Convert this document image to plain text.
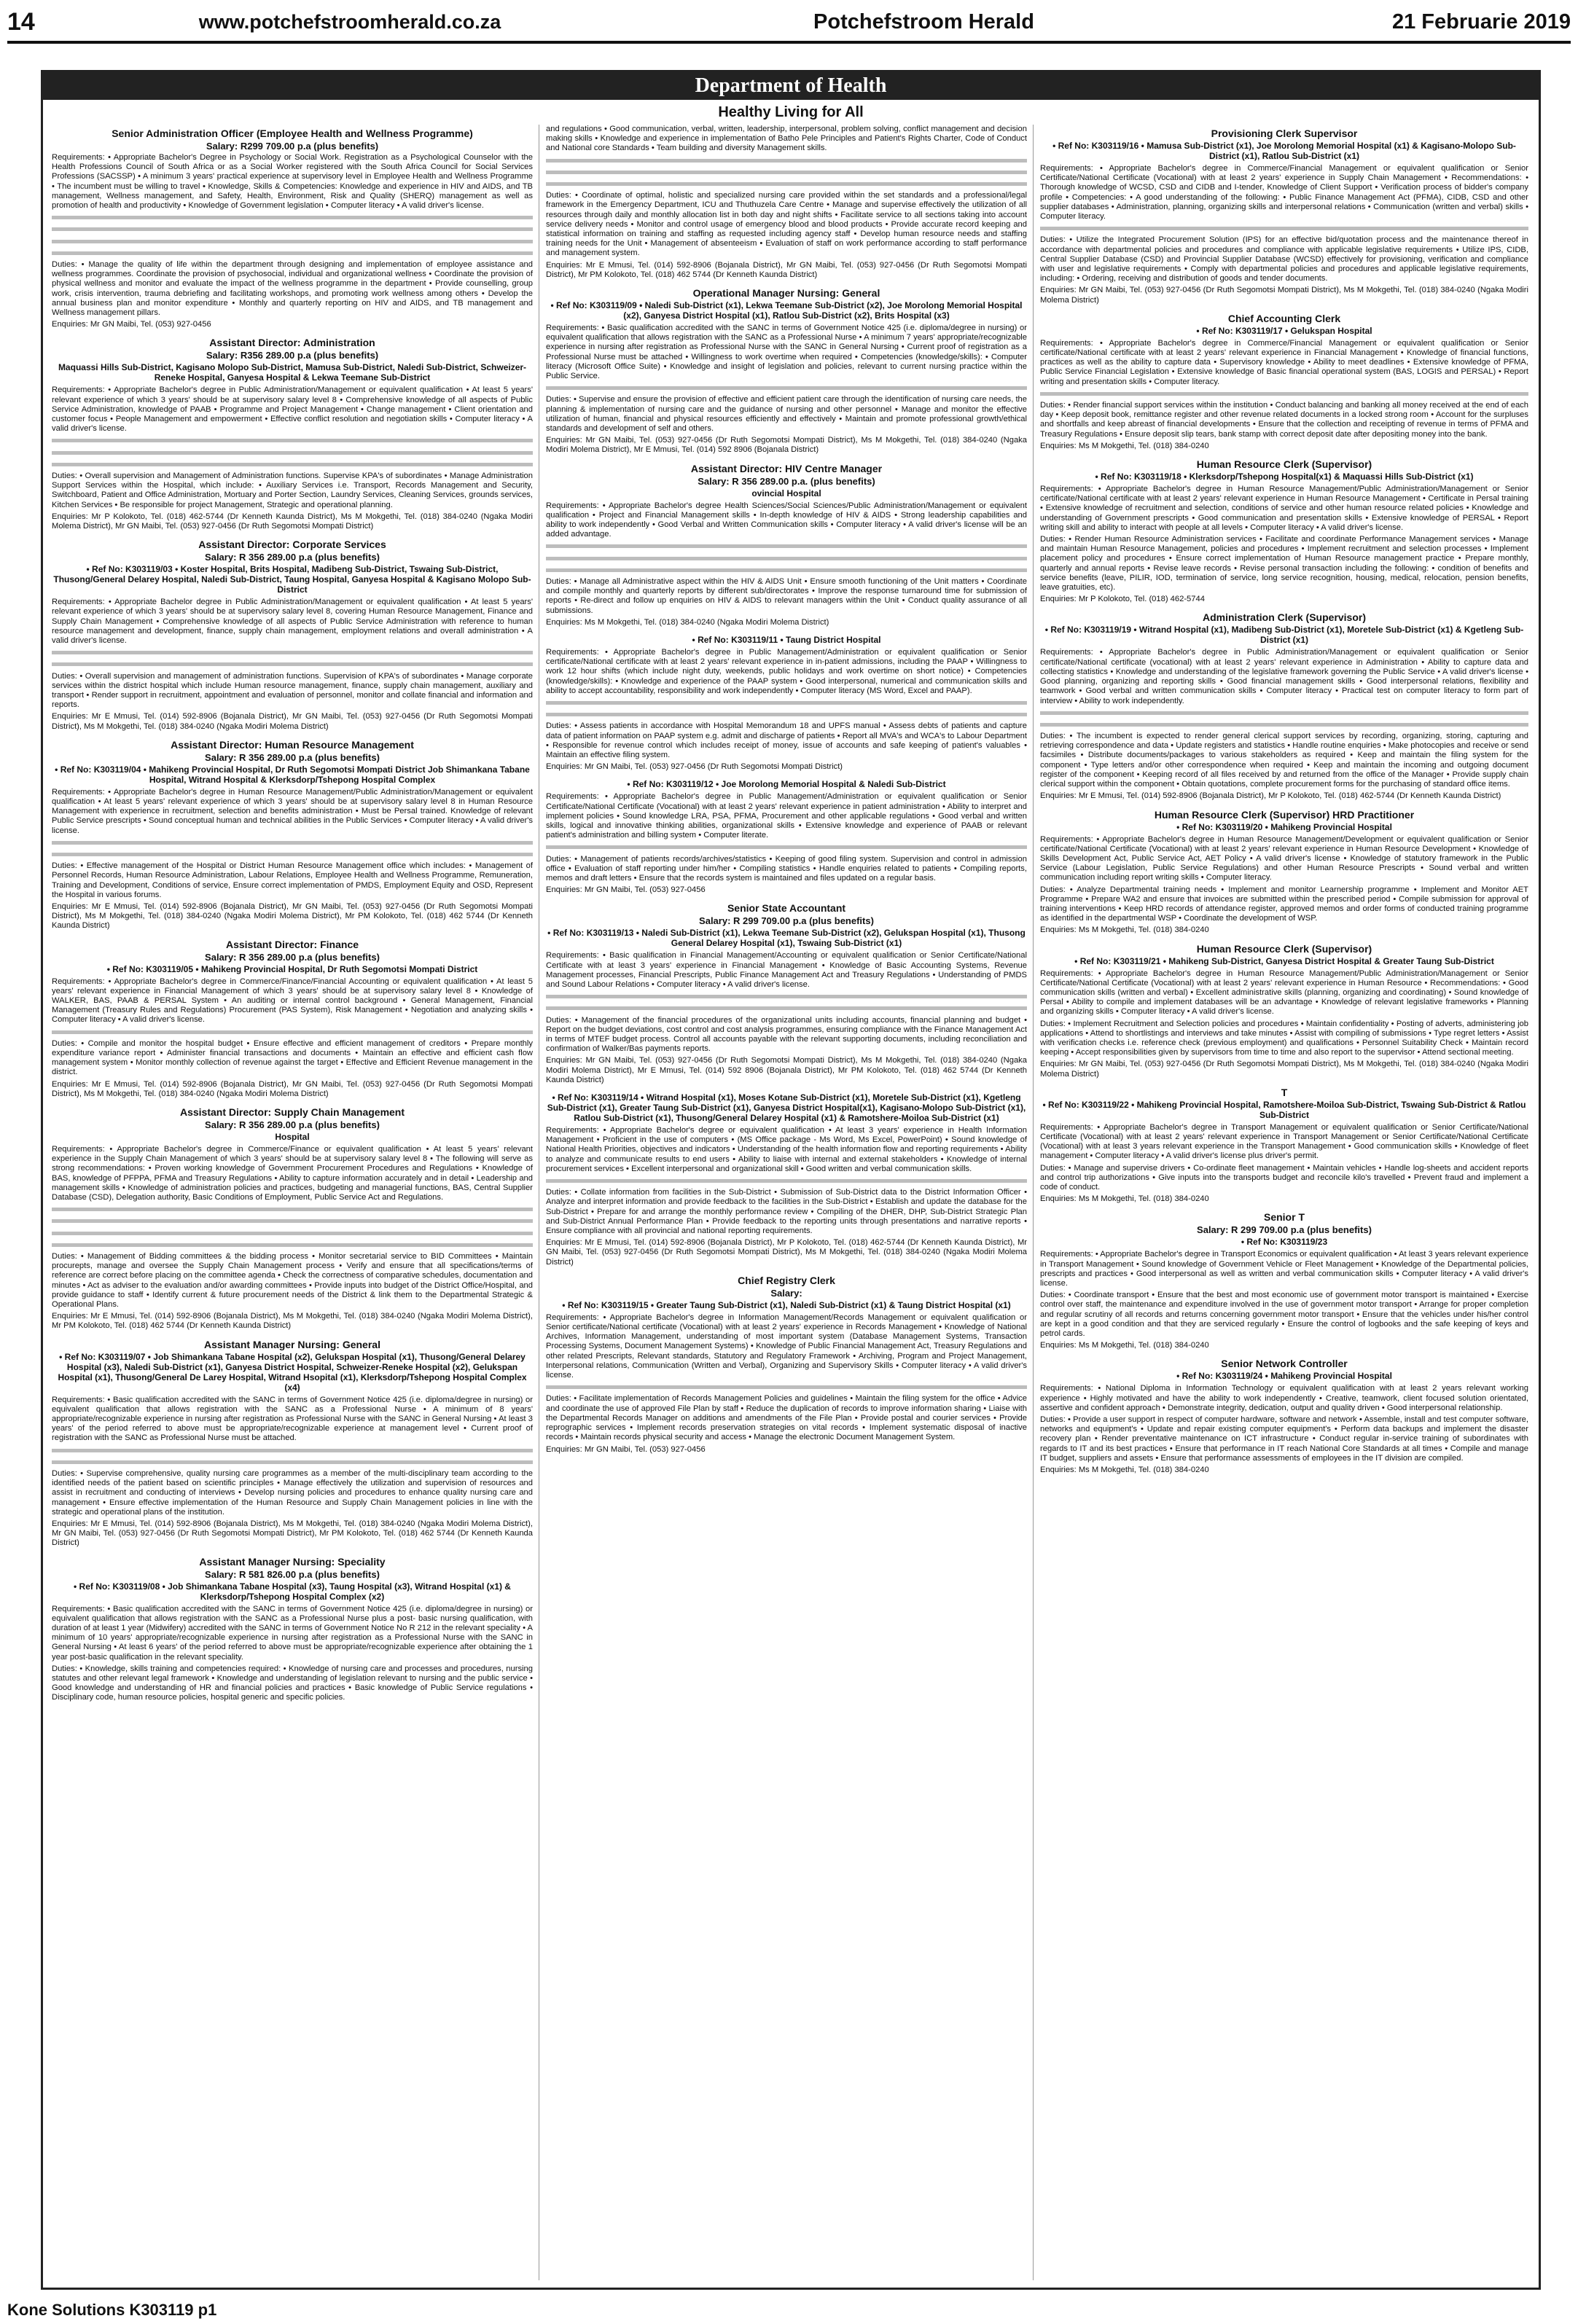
14	www.potchefstroomherald.co.za	Potchefstroom Herald	21 Februarie 2019
Department of Health
Healthy Living for All
Senior Administration Officer (Employee Health and Wellness Programme)
Salary: R299 709.00 p.a (plus benefits)

Requirements: • Appropriate Bachelor's Degree in Psychology or Social Work. Registration as a Psychological Counselor with the Health Professions Council of South Africa or as a Social Worker registered with the South Africa Council for Social Services Professions (SACSSP) • A minimum 3 years' practical experience at supervisory level in Employee Health and Wellness Programme • The incumbent must be willing to travel • Knowledge, Skills & Competencies: Knowledge and experience in HIV and AIDS, and TB management, Wellness management, and Safety, Health, Environment, Risk and Quality (SHERQ) management as well as promotion of health and productivity • Knowledge of Government legislation • Computer literacy • A valid driver's license.

Duties: • Manage the quality of life within the department through designing and implementation of employee assistance and wellness programmes. Coordinate the provision of psychosocial, individual and organizational wellness • Coordinate the provision of physical wellness and monitor and evaluate the impact of the wellness programme in the department • Provide counselling, group work, crisis intervention, trauma debriefing and facilitating workshops, and promoting work wellness among others • Develop the annual business plan and monitor expenditure • Monthly and quarterly reporting on HIV and AIDS, and TB management and Wellness management pillars.

Enquiries: Mr GN Maibi, Tel. (053) 927-0456

Assistant Director: Administration
Salary: R356 289.00 p.a (plus benefits)
Maquassi Hills Sub-District, Kagisano Molopo Sub-District, Mamusa Sub-District, Naledi Sub-District, Schweizer-Reneke Hospital, Ganyesa Hospital & Lekwa Teemane Sub-District

Requirements: • Appropriate Bachelor's degree in Public Administration/Management or equivalent qualification • At least 5 years' relevant experience of which 3 years' should be at supervisory salary level 8 • Comprehensive knowledge of all aspects of Public Service Administration, knowledge of PAAB • Programme and Project Management • Change management • Client orientation and customer focus • People Management and empowerment • Effective conflict resolution and negotiation skills • Computer literacy • A valid driver's license.

Duties: • Overall supervision and Management of Administration functions. Supervise KPA's of subordinates • Manage Administration Support Services within the Hospital, which include: • Auxiliary Services i.e. Transport, Records Management and Security, Switchboard, Patient and Office Administration, Mortuary and Porter Section, Laundry Services, Cleaning Services, grounds services, Kitchen Services • Be responsible for project Management, Strategic and operational planning.

Enquiries: Mr P Kolokoto, Tel. (018) 462-5744 (Dr Kenneth Kaunda District), Ms M Mokgethi, Tel. (018) 384-0240 (Ngaka Modiri Molema District), Mr GN Maibi, Tel. (053) 927-0456 (Dr Ruth Segomotsi Mompati District)

Assistant Director: Corporate Services
Salary: R 356 289.00 p.a (plus benefits)
• Ref No: K303119/03 • Koster Hospital, Brits Hospital, Madibeng Sub-District, Tswaing Sub-District, Thusong/General Delarey Hospital, Naledi Sub-District, Taung Hospital, Ganyesa Hospital & Kagisano Molopo Sub-District

Requirements: • Appropriate Bachelor degree in Public Administration/Management or equivalent qualification • At least 5 years' relevant experience of which 3 years' should be at supervisory salary level 8, covering Human Resource Management, Finance and Supply Chain Management • Comprehensive knowledge of all aspects of Public Service Administration with reference to human resource management and development, finance, supply chain management, employment relations and overall administration • A valid driver's license.

Duties: • Overall supervision and management of administration functions. Supervision of KPA's of subordinates • Manage corporate services within the district hospital which include Human resource management, finance, supply chain management, auxiliary and transport • Render support in recruitment, appointment and evaluation of personnel, monitor and collate financial and information and reports.

Enquiries: Mr E Mmusi, Tel. (014) 592-8906 (Bojanala District), Mr GN Maibi, Tel. (053) 927-0456 (Dr Ruth Segomotsi Mompati District), Ms M Mokgethi, Tel. (018) 384-0240 (Ngaka Modiri Molema District)

Assistant Director: Human Resource Management
Salary: R 356 289.00 p.a (plus benefits)
• Ref No: K303119/04 • Mahikeng Provincial Hospital, Dr Ruth Segomotsi Mompati District Job Shimankana Tabane Hospital, Witrand Hospital & Klerksdorp/Tshepong Hospital Complex

Requirements: • Appropriate Bachelor's degree in Human Resource Management/Public Administration/Management or equivalent qualification • At least 5 years' relevant experience of which 3 years' should be at supervisory salary level 8 in Human Resource Management with experience in recruitment, selection and benefits administration • Must be Persal trained. Knowledge of relevant Public Service prescripts • Sound conceptual human and technical abilities in the Public Services • Computer literacy • A valid driver's license.

Duties: • Effective management of the Hospital or District Human Resource Management office which includes: • Management of Personnel Records, Human Resource Administration, Labour Relations, Employee Health and Wellness Programme, Remuneration, Training and Development, Conditions of service, Ensure correct implementation of PMDS, Employment Equity and OSD, Represent the Hospital in various forums.

Enquiries: Mr E Mmusi, Tel. (014) 592-8906 (Bojanala District), Mr GN Maibi, Tel. (053) 927-0456 (Dr Ruth Segomotsi Mompati District), Ms M Mokgethi, Tel. (018) 384-0240 (Ngaka Modiri Molema District), Mr PM Kolokoto, Tel. (018) 462 5744 (Dr Kenneth Kaunda District)

Assistant Director: Finance
Salary: R 356 289.00 p.a (plus benefits)
• Ref No: K303119/05 • Mahikeng Provincial Hospital, Dr Ruth Segomotsi Mompati District

Requirements: • Appropriate Bachelor's degree in Commerce/Finance/Financial Accounting or equivalent qualification • At least 5 years' relevant experience in Financial Management of which 3 years' should be at supervisory salary level 8 • Knowledge of WALKER, BAS, PAAB & PERSAL System • An auditing or internal control background • General Management, Financial Management (Treasury Rules and Regulations) Procurement (PAS System), Risk Management • Negotiation and analyzing skills • Computer literacy • A valid driver's license.

Duties: • Compile and monitor the hospital budget • Ensure effective and efficient management of creditors • Prepare monthly expenditure variance report • Administer financial transactions and documents • Maintain an effective and efficient cash flow management system • Monitor monthly collection of revenue against the target • Effective and Efficient Revenue management in the district.

Enquiries: Mr E Mmusi, Tel. (014) 592-8906 (Bojanala District), Mr GN Maibi, Tel. (053) 927-0456 (Dr Ruth Segomotsi Mompati District), Ms M Mokgethi, Tel. (018) 384-0240 (Ngaka Modiri Molema District)

Assistant Director: Supply Chain Management
Salary: R 356 289.00 p.a (plus benefits)
Hospital

Requirements: • Appropriate Bachelor's degree in Commerce/Finance or equivalent qualification • At least 5 years' relevant experience in the Supply Chain Management of which 3 years' should be at supervisory salary level 8 • The following will serve as strong recommendations: • Proven working knowledge of Government Procurement Procedures and Regulations • Knowledge of BAS, knowledge of PFPPA, PFMA and Treasury Regulations • Ability to capture information accurately and in detail • Leadership and management skills • Knowledge of administration policies and practices, budgeting and managerial functions, BAS, Central Supplier Database (CSD), Delegation authority, Basic Conditions of Employment, Public Service Act and Regulations.

Duties: • Management of Bidding committees & the bidding process • Monitor secretarial service to BID Committees • Maintain procurepts, manage and oversee the Supply Chain Management process • Verify and ensure that all specifications/terms of reference are correct before placing on the committee agenda • Check the correctness of comparative schedules, documentation and minutes • Act as adviser to the evaluation and/or awarding committees • Provide inputs into budget of the District Office/Hospital, and provide guidance to staff • Identify current & future procurement needs of the District & link them to the Departmental Strategic & Operational Plans.

Enquiries: Mr E Mmusi, Tel. (014) 592-8906 (Bojanala District), Ms M Mokgethi, Tel. (018) 384-0240 (Ngaka Modiri Molema District), Mr PM Kolokoto, Tel. (018) 462 5744 (Dr Kenneth Kaunda District)

Assistant Manager Nursing: General
• Ref No: K303119/07 • Job Shimankana Tabane Hospital (x2), Gelukspan Hospital (x1), Thusong/General Delarey Hospital (x3), Naledi Sub-District (x1), Ganyesa District Hospital, Schweizer-Reneke Hospital (x2), Gelukspan Hospital (x1), Thusong/General De Larey Hospital, Witrand Hsopital (x1), Klerksdorp/Tshepong Hospital Complex (x4)

Requirements: • Basic qualification accredited with the SANC in terms of Government Notice 425 (i.e. diploma/degree in nursing) or equivalent qualification that allows registration with the SANC as a Professional Nurse • A minimum of 8 years' appropriate/recognizable experience in nursing after registration as Professional Nurse with the SANC in General Nursing • At least 3 years' of the period referred to above must be appropriate/recognizable experience at management level • Current proof of registration with the SANC as Professional Nurse must be attached.

Duties: • Supervise comprehensive, quality nursing care programmes as a member of the multi-disciplinary team according to the identified needs of the patient based on scientific principles • Manage effectively the utilization and supervision of resources and assist in recruitment and conducting of interviews • Develop nursing policies and procedures to enhance quality nursing care and management • Ensure effective implementation of the Human Resource and Supply Chain Management policies in line with the strategic and operational plans of the institution.

Enquiries: Mr E Mmusi, Tel. (014) 592-8906 (Bojanala District), Ms M Mokgethi, Tel. (018) 384-0240 (Ngaka Modiri Molema District), Mr GN Maibi, Tel. (053) 927-0456 (Dr Ruth Segomotsi Mompati District), Mr PM Kolokoto, Tel. (018) 462 5744 (Dr Kenneth Kaunda District)

Assistant Manager Nursing: Speciality
Salary: R 581 826.00 p.a (plus benefits)
• Ref No: K303119/08 • Job Shimankana Tabane Hospital (x3), Taung Hospital (x3), Witrand Hospital (x1) & Klerksdorp/Tshepong Hospital Complex (x2)

Requirements: • Basic qualification accredited with the SANC in terms of Government Notice 425 (i.e. diploma/degree in nursing) or equivalent qualification that allows registration with the SANC as a Professional Nurse plus a post- basic nursing qualification, with duration of at least 1 year (Midwifery) accredited with the SANC in terms of Government Notice No R 212 in the relevant speciality • A minimum of 10 years' appropriate/recognizable experience in nursing after registration as a Professional Nurse with the SANC in General Nursing • At least 6 years' of the period referred to above must be appropriate/recognizable experience after obtaining the 1 year post-basic qualification in the relevant speciality.

Duties: • Knowledge, skills training and competencies required: • Knowledge of nursing care and processes and procedures, nursing statutes and other relevant legal framework • Knowledge and understanding of legislation relevant to nursing and the public service • Good knowledge and understanding of HR and financial policies and practices • Basic knowledge of Public Service regulations • Disciplinary code, human resource policies, hospital generic and specific policies.

and regulations • Good communication, verbal, written, leadership, interpersonal, problem solving, conflict management and decision making skills • Knowledge and experience in implementation of Batho Pele Principles and Patient's Rights Charter, Code of Conduct and National core Standards • Team building and diversity Management skills.

Duties: • Coordinate of optimal, holistic and specialized nursing care provided within the set standards and a professional/legal framework in the Emergency Department, ICU and Thuthuzela Care Centre • Manage and supervise effectively the utilization of all resources through daily and monthly allocation list in both day and night shifts • Facilitate service to all sections taking into account service delivery needs • Monitor and control usage of emergency blood and blood products • Provide accurate record keeping and statistical information on training and staffing as requested including agency staff • Develop human resource needs and staffing training needs for the Unit • Management of absenteeism • Evaluation of staff on work performance according to staff performance and management system.

Enquiries: Mr E Mmusi, Tel. (014) 592-8906 (Bojanala District), Mr GN Maibi, Tel. (053) 927-0456 (Dr Ruth Segomotsi Mompati District), Mr PM Kolokoto, Tel. (018) 462 5744 (Dr Kenneth Kaunda District)

Operational Manager Nursing: General
• Ref No: K303119/09 • Naledi Sub-District (x1), Lekwa Teemane Sub-District (x2), Joe Morolong Memorial Hospital (x2), Ganyesa District Hospital (x1), Ratlou Sub-District (x2), Brits Hospital (x3)

Requirements: • Basic qualification accredited with the SANC in terms of Government Notice 425 (i.e. diploma/degree in nursing) or equivalent qualification that allows registration with the SANC as a Professional Nurse • A minimum 7 years' appropriate/recognizable experience in nursing after registration as Professional Nurse with the SANC in General Nursing • Current proof of registration as a Professional Nurse must be attached • Willingness to work overtime when required • Competencies (knowledge/skills): • Computer literacy (Microsoft Office Suite) • Knowledge and insight of legislation and policies, relevant to current nursing practice within the Public Service.

Duties: • Supervise and ensure the provision of effective and efficient patient care through the identification of nursing care needs, the planning & implementation of nursing care and the guidance of nursing and other personnel • Manage and monitor the effective utilization of human, financial and physical resources efficiently and effectively • Maintain and promote professional growth/ethical standards and development of self and others.

Enquiries: Mr GN Maibi, Tel. (053) 927-0456 (Dr Ruth Segomotsi Mompati District), Ms M Mokgethi, Tel. (018) 384-0240 (Ngaka Modiri Molema District), Mr E Mmusi, Tel. (014) 592 8906 (Bojanala District)

Assistant Director: HIV Centre Manager
Salary: R 356 289.00 p.a. (plus benefits)
ovincial Hospital

Requirements: • Appropriate Bachelor's degree Health Sciences/Social Sciences/Public Administration/Management or equivalent qualification • Project and Financial Management skills • In-depth knowledge of HIV & AIDS • Strong leadership capabilities and ability to work independently • Good Verbal and Written Communication skills • Computer literacy • A valid driver's license will be an added advantage.

Duties: • Manage all Administrative aspect within the HIV & AIDS Unit • Ensure smooth functioning of the Unit matters • Coordinate and compile monthly and quarterly reports by different sub/directorates • Improve the response turnaround time for submission of reports • Re-direct and follow up enquiries on HIV & AIDS to relevant managers within the Unit • Conduct quality assurance of all submissions.

Enquiries: Ms M Mokgethi, Tel. (018) 384-0240 (Ngaka Modiri Molema District)

• Ref No: K303119/11 • Taung District Hospital

Requirements: • Appropriate Bachelor's degree in Public Management/Administration or equivalent qualification or Senior certificate/National certificate with at least 2 years' relevant experience in in-patient admissions, including the PAAP • Willingness to work 12 hour shifts (which include night duty, weekends, public holidays and work overtime on short notice) • Competencies (knowledge/skills): • Knowledge and experience of the PAAP system • Good interpersonal, numerical and communication skills and ability to accept accountability, responsibility and work independently • Computer literacy (MS Word, Excel and PAAP).

Duties: • Assess patients in accordance with Hospital Memorandum 18 and UPFS manual • Assess debts of patients and capture data of patient information on PAAP system e.g. admit and discharge of patients • Report all MVA's and WCA's to Labour Department • Responsible for revenue control which includes receipt of money, issue of accounts and safe keeping of patient's valuables • Maintain an effective filing system.

Enquiries: Mr GN Maibi, Tel. (053) 927-0456 (Dr Ruth Segomotsi Mompati District)

• Ref No: K303119/12 • Joe Morolong Memorial Hospital & Naledi Sub-District

Requirements: • Appropriate Bachelor's degree in Public Management/Administration or equivalent qualification or Senior Certificate/National Certificate (Vocational) with at least 2 years' relevant experience in patient administration • Ability to interpret and implement policies • Sound knowledge LRA, PSA, PFMA, Procurement and other applicable regulations • Good verbal and written skills, logical and innovative thinking abilities, organizational skills • Extensive knowledge and experience of PAAB or relevant patient's administration and billing system • Computer literate.

Duties: • Management of patients records/archives/statistics • Keeping of good filing system. Supervision and control in admission office • Evaluation of staff reporting under him/her • Compiling statistics • Handle enquiries related to patients • Compiling reports, memos and draft letters • Ensure that the records system is maintained and files updated on a regular basis.

Enquiries: Mr GN Maibi, Tel. (053) 927-0456

Senior State Accountant
Salary: R 299 709.00 p.a (plus benefits)
• Ref No: K303119/13 • Naledi Sub-District (x1), Lekwa Teemane Sub-District (x2), Gelukspan Hospital (x1), Thusong General Delarey Hospital (x1), Tswaing Sub-District (x1)

Requirements: • Basic qualification in Financial Management/Accounting or equivalent qualification or Senior Certificate/National Certificate with at least 3 years' experience in Financial Management • Knowledge of Basic Accounting Systems, Revenue Management processes, Financial Prescripts, Public Finance Management Act and Treasury Regulations • Understanding of PMDS and Sound Labour Relations • Computer literacy • A valid driver's license.

Duties: • Management of the financial procedures of the organizational units including accounts, financial planning and budget • Report on the budget deviations, cost control and cost analysis programmes, ensuring compliance with the Finance Management Act in terms of MTEF budget process. Control all accounts payable with the relevant supporting documents, including reconciliation and confirmation of Walker/Bas payments reports.

Enquiries: Mr GN Maibi, Tel. (053) 927-0456 (Dr Ruth Segomotsi Mompati District), Ms M Mokgethi, Tel. (018) 384-0240 (Ngaka Modiri Molema District), Mr E Mmusi, Tel. (014) 592 8906 (Bojanala District), Mr PM Kolokoto, Tel. (018) 462 5744 (Dr Kenneth Kaunda District)

• Ref No: K303119/14 • Witrand Hospital (x1), Moses Kotane Sub-District (x1), Moretele Sub-District (x1), Kgetleng Sub-District (x1), Greater Taung Sub-District (x1), Ganyesa District Hospital(x1), Kagisano-Molopo Sub-District (x1), Ratlou Sub-District (x1), Thusong/General Delarey Hospital (x1) & Ramotshere-Moiloa Sub-District (x1)

Requirements: • Appropriate Bachelor's degree or equivalent qualification • At least 3 years' experience in Health Information Management • Proficient in the use of computers • (MS Office package - Ms Word, Ms Excel, PowerPoint) • Sound knowledge of National Health Priorities, objectives and indicators • Understanding of the health information flow and reporting requirements • Ability to analyze and communicate results to end users • Ability to liaise with internal and external stakeholders • Knowledge of internal procurement services • Excellent interpersonal and organizational skill • Good written and verbal communication skills.

Duties: • Collate information from facilities in the Sub-District • Submission of Sub-District data to the District Information Officer • Analyze and interpret information and provide feedback to the facilities in the Sub-District • Establish and update the database for the Sub-District • Prepare for and arrange the monthly performance review • Compiling of the DHER, DHP, Sub-District Strategic Plan and Sub-District Annual Performance Plan • Provide feedback to the reporting units through presentations and narrative reports • Ensure compliance with all provincial and national reporting requirements.

Enquiries: Mr E Mmusi, Tel. (014) 592-8906 (Bojanala District), Mr P Kolokoto, Tel. (018) 462-5744 (Dr Kenneth Kaunda District), Mr GN Maibi, Tel. (053) 927-0456 (Dr Ruth Segomotsi Mompati District), Ms M Mokgethi, Tel. (018) 384-0240 (Ngaka Modiri Molema District)

Chief Registry Clerk
Salary:
• Ref No: K303119/15 • Greater Taung Sub-District (x1), Naledi Sub-District (x1) & Taung District Hospital (x1)

Requirements: • Appropriate Bachelor's degree in Information Management/Records Management or equivalent qualification or Senior certificate/National certificate (Vocational) with at least 2 years' experience in Records Management • Knowledge of National Archives, Information Management, understanding of most important system (Database Management Systems, Transaction Processing Systems, Document Management Systems) • Knowledge of Public Financial Management Act, Treasury Regulations and other related Prescripts, Relevant standards, Statutory and Regulatory Framework • Archiving, Program and Project Management, Interpersonal relations, Communication (Written and Verbal), Organizing and Supervisory Skills • Computer literacy • A valid driver's license.

Duties: • Facilitate implementation of Records Management Policies and guidelines • Maintain the filing system for the office • Advice and coordinate the use of approved File Plan by staff • Reduce the duplication of records to improve information sharing • Liaise with the Departmental Records Manager on additions and amendments of the File Plan • Provide postal and courier services • Provide reprographic services • Implement records preservation strategies on vital records • Implement systematic disposal of inactive records • Maintain records physical security and access • Manage the electronic Document Management System.

Enquiries: Mr GN Maibi, Tel. (053) 927-0456

Provisioning Clerk Supervisor
• Ref No: K303119/16 • Mamusa Sub-District (x1), Joe Morolong Memorial Hospital (x1) & Kagisano-Molopo Sub-District (x1), Ratlou Sub-District (x1)

Requirements: • Appropriate Bachelor's degree in Commerce/Financial Management or equivalent qualification or Senior Certificate/National Certificate (Vocational) with at least 2 years' experience in Supply Chain Management • Recommendations: • Thorough knowledge of WCSD, CSD and CIDB and I-tender, Knowledge of Client Support • Verification process of bidder's company profile • Competencies: • A good understanding of the following: • Public Finance Management Act (PFMA), CIDB, CSD and other supplier databases • Administration, planning, organizing skills and interpersonal relations • Communication (written and verbal) skills • Computer literacy.

Duties: • Utilize the Integrated Procurement Solution (IPS) for an effective bid/quotation process and the maintenance thereof in accordance with departmental policies and procedures and compliance with applicable legislative requirements • Utilize IPS, CIDB, Central Supplier Database (CSD) and Provincial Supplier Database (WCSD) effectively for provisioning, verification and compliance with user and legislative requirements • Comply with departmental policies and procedures and applicable legislative requirements, including: • Ordering, receiving and distribution of goods and tender documents.

Enquiries: Mr GN Maibi, Tel. (053) 927-0456 (Dr Ruth Segomotsi Mompati District), Ms M Mokgethi, Tel. (018) 384-0240 (Ngaka Modiri Molema District)

Chief Accounting Clerk
• Ref No: K303119/17 • Gelukspan Hospital

Requirements: • Appropriate Bachelor's degree in Commerce/Financial Management or equivalent qualification or Senior certificate/National certificate with at least 2 years' relevant experience in Financial Management • Knowledge of financial functions, practices as well as the ability to capture data • Supervisory knowledge • Ability to meet deadlines • Extensive knowledge of PFMA, Public Service Financial Legislation • Extensive knowledge of Basic financial operational system (BAS, LOGIS and PERSAL) • Report writing and presentation skills • Computer literacy.

Duties: • Render financial support services within the institution • Conduct balancing and banking all money received at the end of each day • Keep deposit book, remittance register and other revenue related documents in a locked strong room • Account for the surpluses and shortfalls and keep abreast of financial developments • Ensure that the collection and receipting of revenue in terms of PFMA and Treasury Regulations • Ensure deposit slip tears, bank stamp with correct deposit date after depositing money into the bank.

Enquiries: Ms M Mokgethi, Tel. (018) 384-0240

Human Resource Clerk (Supervisor)
• Ref No: K303119/18 • Klerksdorp/Tshepong Hospital(x1) & Maquassi Hills Sub-District (x1)

Requirements: • Appropriate Bachelor's degree in Human Resource Management/Public Administration/Management or Senior certificate/National certificate with at least 2 years' relevant experience in Human Resource Management • Certificate in Persal training • Extensive knowledge of recruitment and selection, conditions of service and other human resource related policies • Knowledge and understanding of Government prescripts • Good communication and presentation skills • Extensive knowledge of PERSAL • Report writing skill and ability to interact with people at all levels • Computer literacy • A valid driver's license.

Duties: • Render Human Resource Administration services • Facilitate and coordinate Performance Management services • Manage and maintain Human Resource Management, policies and procedures • Implement recruitment and selection processes • Implement placement policy and procedures • Ensure correct implementation of Human Resource management practice • Prepare monthly, quarterly and annual reports • Revise leave records • Revise personal transaction including the following: • condition of benefits and service benefits (leave, PILIR, IOD, termination of service, long service recognition, housing, medical, relocation, pension benefits, leave gratuities, etc).

Enquiries: Mr P Kolokoto, Tel. (018) 462-5744

Administration Clerk (Supervisor)
• Ref No: K303119/19 • Witrand Hospital (x1), Madibeng Sub-District (x1), Moretele Sub-District (x1) & Kgetleng Sub-District (x1)

Requirements: • Appropriate Bachelor's degree in Public Administration/Management or equivalent qualification or Senior certificate/National certificate (vocational) with at least 2 years' relevant experience in Administration • Ability to capture data and collecting statistics • Knowledge and understanding of the legislative framework governing the Public Service • A valid driver's license • Good planning, organizing and reporting skills • Good financial management skills • Good interpersonal relations, flexibility and teamwork • Good verbal and written communication skills • Computer literacy • Practical test on computer literacy to form part of interview • Ability to work independently.

Duties: • The incumbent is expected to render general clerical support services by recording, organizing, storing, capturing and retrieving correspondence and data • Update registers and statistics • Handle routine enquiries • Make photocopies and receive or send facsimiles • Distribute documents/packages to various stakeholders as required • Keep and maintain the filing system for the component • Type letters and/or other correspondence when required • Keep and maintain the incoming and outgoing document register of the component • Keeping record of all files received by and returned from the office of the Manager • Provide supply chain clerical support within the component • Obtain quotations, complete procurement forms for the purchasing of standard office items.

Enquiries: Mr E Mmusi, Tel. (014) 592-8906 (Bojanala District), Mr P Kolokoto, Tel. (018) 462-5744 (Dr Kenneth Kaunda District)

Human Resource Clerk (Supervisor) HRD Practitioner
• Ref No: K303119/20 • Mahikeng Provincial Hospital

Requirements: • Appropriate Bachelor's degree in Human Resource Management/Development or equivalent qualification or Senior certificate/National Certificate (Vocational) with at least 2 years' relevant experience in Human Resource Development • Knowledge of Skills Development Act, Public Service Act, AET Policy • A valid driver's license • Knowledge of statutory framework in the Public Service (Labour Legislation, Public Service Regulations) and other Human Resource Prescripts • Sound verbal and written communication including report writing skills • Computer literacy.

Duties: • Analyze Departmental training needs • Implement and monitor Learnership programme • Implement and Monitor AET Programme • Prepare WA2 and ensure that invoices are submitted within the prescribed period • Compile submission for approval of training interventions • Keep HRD records of attendance register, approved memos and order forms of conducted training programme as identified in the departmental WSP • Coordinate the development of WSP.

Enquiries: Ms M Mokgethi, Tel. (018) 384-0240

Human Resource Clerk (Supervisor)
• Ref No: K303119/21 • Mahikeng Sub-District, Ganyesa District Hospital & Greater Taung Sub-District

Requirements: • Appropriate Bachelor's degree in Human Resource Management/Public Administration/Management or Senior Certificate/National Certificate (Vocational) with at least 2 years' relevant experience in Human Resource • Recommendations: • Good communication skills (written and verbal) • Excellent administrative skills (planning, organizing and coordinating) • Sound knowledge of Persal • Ability to compile and implement databases will be an advantage • Knowledge of relevant legislative frameworks • Planning and organizing skills • Computer literacy • A valid driver's license.

Duties: • Implement Recruitment and Selection policies and procedures • Maintain confidentiality • Posting of adverts, administering job applications • Attend to shortlistings and interviews and take minutes • Assist with compiling of submissions • Type regret letters • Assist with verification checks i.e. reference check (previous employment) and qualifications • Personnel Suitability Check • Maintain record keeping • Accept responsibilities given by supervisors from time to time and also report to the supervisor • Attend sectional meeting.

Enquiries: Mr GN Maibi, Tel. (053) 927-0456 (Dr Ruth Segomotsi Mompati District), Ms M Mokgethi, Tel. (018) 384-0240 (Ngaka Modiri Molema District)

T
• Ref No: K303119/22 • Mahikeng Provincial Hospital, Ramotshere-Moiloa Sub-District, Tswaing Sub-District & Ratlou Sub-District

Requirements: • Appropriate Bachelor's degree in Transport Management or equivalent qualification or Senior Certificate/National Certificate (Vocational) with at least 2 years' relevant experience in Transport Management or Senior Certificate/National Certificate (Vocational) with at least 3 years relevant experience in the Transport Management • Good communication skills • Knowledge of fleet management • Computer literacy • A valid driver's license plus driver's permit.

Duties: • Manage and supervise drivers • Co-ordinate fleet management • Maintain vehicles • Handle log-sheets and accident reports and control trip authorizations • Give inputs into the transports budget and reconcile kilo's travelled • Prevent fraud and implement a code of conduct.

Enquiries: Ms M Mokgethi, Tel. (018) 384-0240

Senior T
Salary: R 299 709.00 p.a (plus benefits)
• Ref No: K303119/23

Requirements: • Appropriate Bachelor's degree in Transport Economics or equivalent qualification • At least 3 years relevant experience in Transport Management • Sound knowledge of Government Vehicle or Fleet Management • Knowledge of the Departmental policies, prescripts and practices • Good interpersonal as well as written and verbal communication skills • Computer literacy • A valid driver's license.

Duties: • Coordinate transport • Ensure that the best and most economic use of government motor transport is maintained • Exercise control over staff, the maintenance and expenditure involved in the use of government motor transport • Arrange for proper completion and regular scrutiny of all records and returns concerning government motor transport • Ensure that the vehicles under his/her control are kept in a good condition and that they are serviced regularly • Ensure the control of logbooks and the safe keeping of keys and petrol cards.

Enquiries: Ms M Mokgethi, Tel. (018) 384-0240

Senior Network Controller
• Ref No: K303119/24 • Mahikeng Provincial Hospital

Requirements: • National Diploma in Information Technology or equivalent qualification with at least 2 years relevant working experience • Highly motivated and have the ability to work independently • Creative, teamwork, client focused solution orientated, assertive and confident approach • Demonstrate integrity, dedication, output and quality driven • Good interpersonal relationship.

Duties: • Provide a user support in respect of computer hardware, software and network • Assemble, install and test computer software, networks and equipment's • Update and repair existing computer equipment's • Perform data backups and implement the disaster recovery plan • Render preventative maintenance on ICT infrastructure • Conduct regular in-service training of subordinates with regards to IT and its best practices • Ensure that performance in IT reach National Core Standards at all times • Compile and manage IT budget, suppliers and assets • Ensure that performance assessments of employees in the IT division are compiled.

Enquiries: Ms M Mokgethi, Tel. (018) 384-0240

Kone Solutions K303119 p1
